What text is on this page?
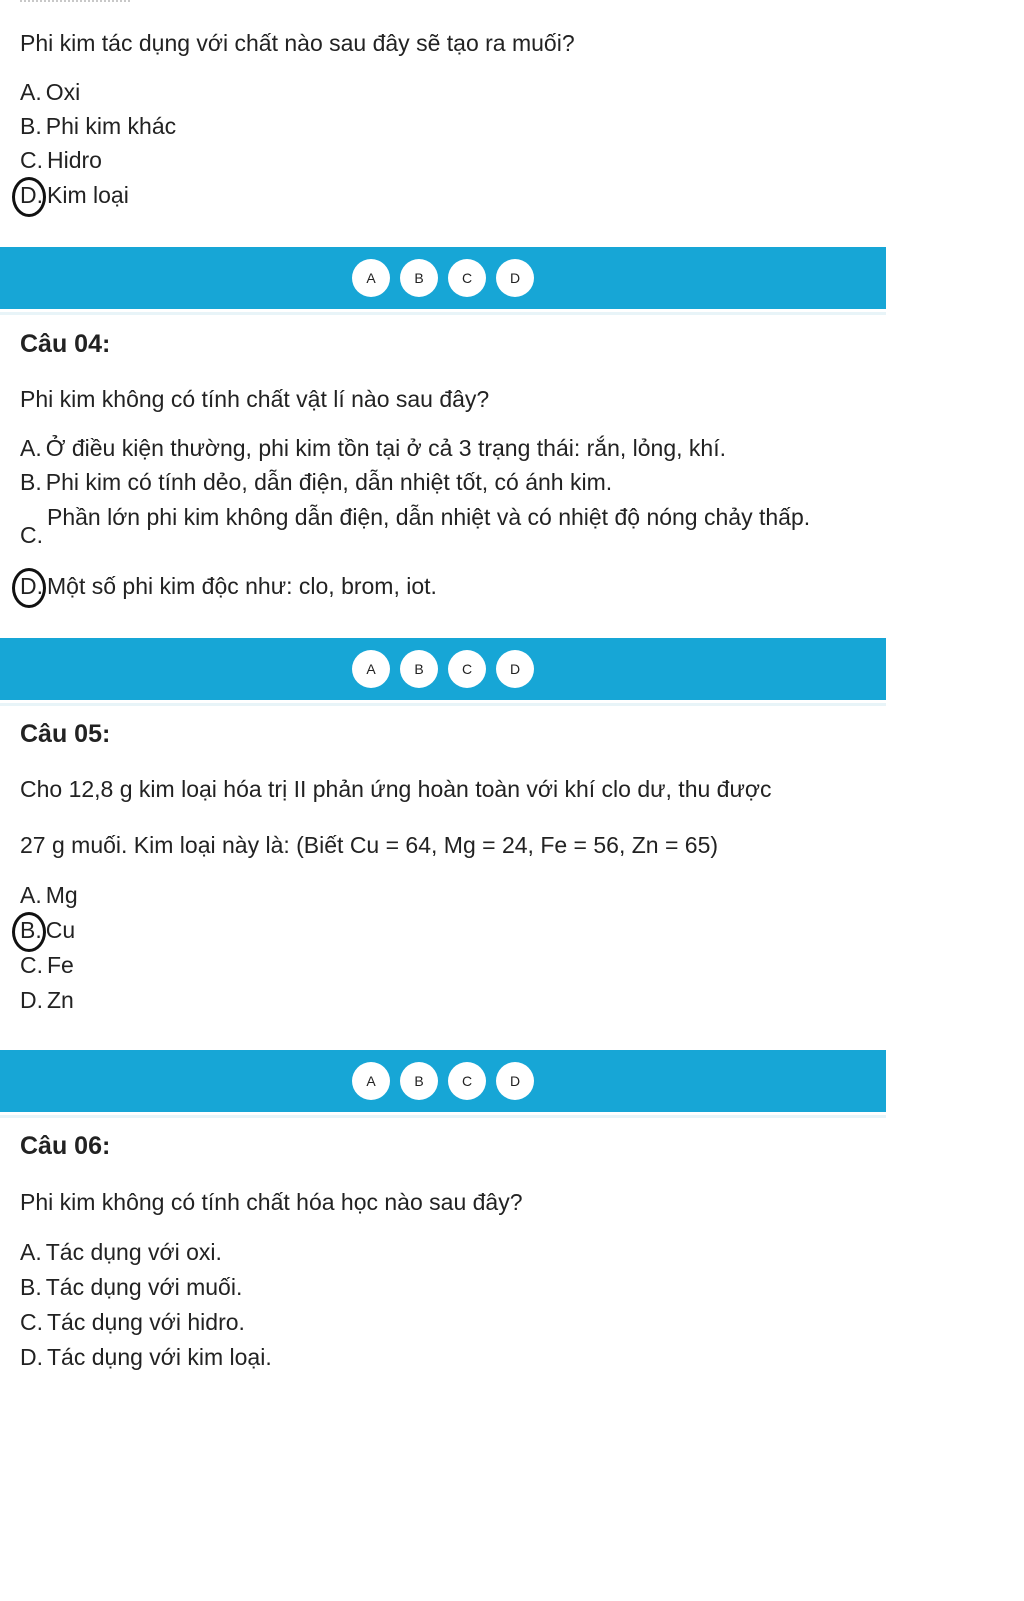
Phi kim tác dụng với chất nào sau đây sẽ tạo ra muối?
A. Oxi
B. Phi kim khác
C. Hidro
D. Kim loại
A	B	C	D
Câu 04:
Phi kim không có tính chất vật lí nào sau đây?
A. Ở điều kiện thường, phi kim tồn tại ở cả 3 trạng thái: rắn, lỏng, khí.
B. Phi kim có tính dẻo, dẫn điện, dẫn nhiệt tốt, có ánh kim.
C.
Phần lớn phi kim không dẫn điện, dẫn nhiệt và có nhiệt độ nóng chảy thấp.
D. Một số phi kim độc như: clo, brom, iot.
A	B	C	D
Câu 05:
Cho 12,8 g kim loại hóa trị II phản ứng hoàn toàn với khí clo dư, thu được
27 g muối. Kim loại này là: (Biết Cu = 64, Mg = 24, Fe = 56, Zn = 65)
A. Mg
B. Cu
C. Fe
D. Zn
A	B	C	D
Câu 06:
Phi kim không có tính chất hóa học nào sau đây?
A. Tác dụng với oxi.
B. Tác dụng với muối.
C. Tác dụng với hidro.
D. Tác dụng với kim loại.
